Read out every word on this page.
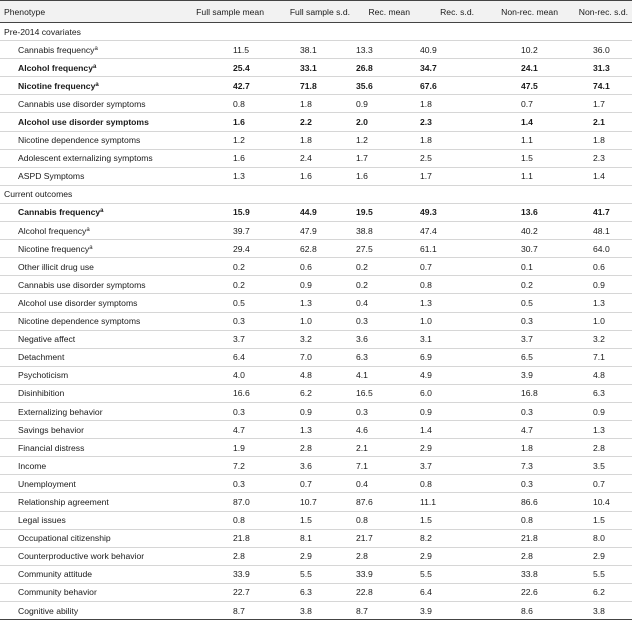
Phenotype	Full sample mean	Full sample s.d.	Rec. mean	Rec. s.d.	Non-rec. mean	Non-rec. s.d.
Pre-2014 covariates						
Cannabis frequency$^a$	11.5	38.1	13.3	40.9	10.2	36.0
Alcohol frequency$^a$	25.4	33.1	26.8	34.7	24.1	31.3
Nicotine frequency$^a$	42.7	71.8	35.6	67.6	47.5	74.1
Cannabis use disorder symptoms	0.8	1.8	0.9	1.8	0.7	1.7
Alcohol use disorder symptoms	1.6	2.2	2.0	2.3	1.4	2.1
Nicotine dependence symptoms	1.2	1.8	1.2	1.8	1.1	1.8
Adolescent externalizing symptoms	1.6	2.4	1.7	2.5	1.5	2.3
ASPD Symptoms	1.3	1.6	1.6	1.7	1.1	1.4
Current outcomes						
Cannabis frequency$^a$	15.9	44.9	19.5	49.3	13.6	41.7
Alcohol frequency$^a$	39.7	47.9	38.8	47.4	40.2	48.1
Nicotine frequency$^a$	29.4	62.8	27.5	61.1	30.7	64.0
Other illicit drug use	0.2	0.6	0.2	0.7	0.1	0.6
Cannabis use disorder symptoms	0.2	0.9	0.2	0.8	0.2	0.9
Alcohol use disorder symptoms	0.5	1.3	0.4	1.3	0.5	1.3
Nicotine dependence symptoms	0.3	1.0	0.3	1.0	0.3	1.0
Negative affect	3.7	3.2	3.6	3.1	3.7	3.2
Detachment	6.4	7.0	6.3	6.9	6.5	7.1
Psychoticism	4.0	4.8	4.1	4.9	3.9	4.8
Disinhibition	16.6	6.2	16.5	6.0	16.8	6.3
Externalizing behavior	0.3	0.9	0.3	0.9	0.3	0.9
Savings behavior	4.7	1.3	4.6	1.4	4.7	1.3
Financial distress	1.9	2.8	2.1	2.9	1.8	2.8
Income	7.2	3.6	7.1	3.7	7.3	3.5
Unemployment	0.3	0.7	0.4	0.8	0.3	0.7
Relationship agreement	87.0	10.7	87.6	11.1	86.6	10.4
Legal issues	0.8	1.5	0.8	1.5	0.8	1.5
Occupational citizenship	21.8	8.1	21.7	8.2	21.8	8.0
Counterproductive work behavior	2.8	2.9	2.8	2.9	2.8	2.9
Community attitude	33.9	5.5	33.9	5.5	33.8	5.5
Community behavior	22.7	6.3	22.8	6.4	22.6	6.2
Cognitive ability	8.7	3.8	8.7	3.9	8.6	3.8
